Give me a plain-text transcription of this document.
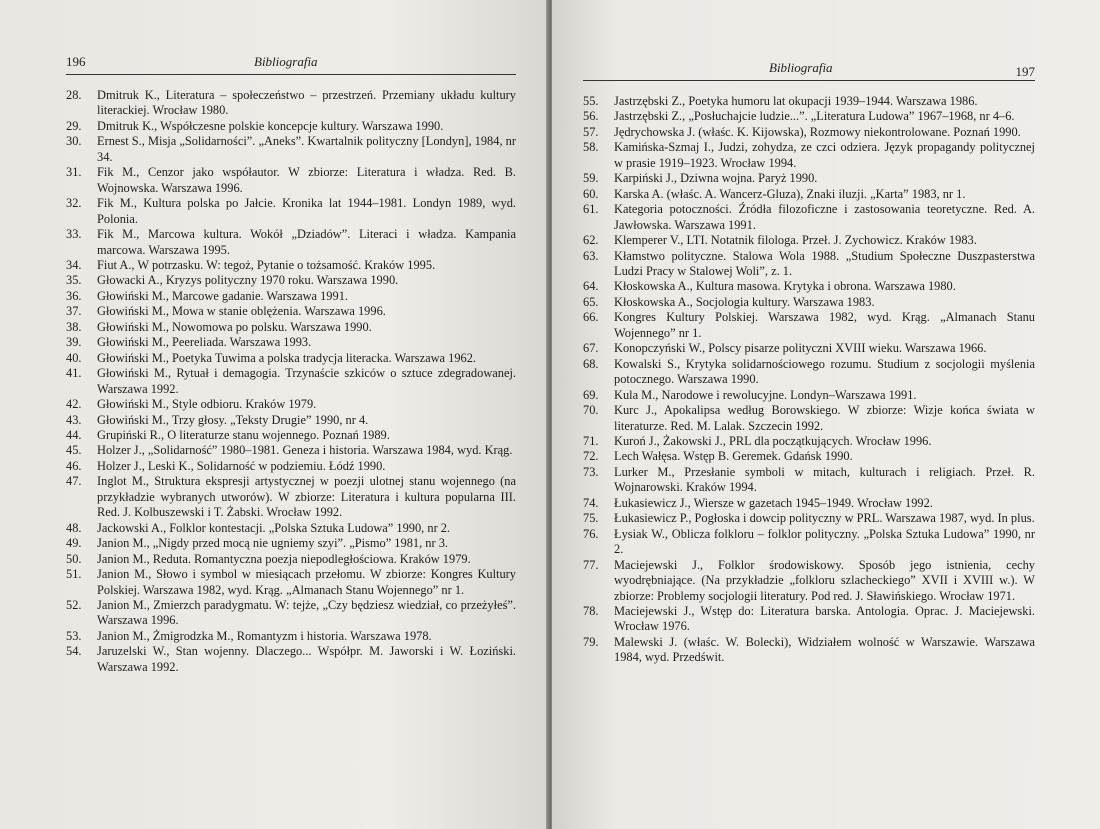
196	Bibliografia
28. Dmitruk K., Literatura – społeczeństwo – przestrzeń. Przemiany układu kultury literackiej. Wrocław 1980.
29. Dmitruk K., Współczesne polskie koncepcje kultury. Warszawa 1990.
30. Ernest S., Misja „Solidarności”. „Aneks”. Kwartalnik polityczny [Londyn], 1984, nr 34.
31. Fik M., Cenzor jako współautor. W zbiorze: Literatura i władza. Red. B. Wojnowska. Warszawa 1996.
32. Fik M., Kultura polska po Jałcie. Kronika lat 1944–1981. Londyn 1989, wyd. Polonia.
33. Fik M., Marcowa kultura. Wokół „Dziadów”. Literaci i władza. Kampania marcowa. Warszawa 1995.
34. Fiut A., W potrzasku. W: tegoż, Pytanie o tożsamość. Kraków 1995.
35. Głowacki A., Kryzys polityczny 1970 roku. Warszawa 1990.
36. Głowiński M., Marcowe gadanie. Warszawa 1991.
37. Głowiński M., Mowa w stanie oblężenia. Warszawa 1996.
38. Głowiński M., Nowomowa po polsku. Warszawa 1990.
39. Głowiński M., Peereliada. Warszawa 1993.
40. Głowiński M., Poetyka Tuwima a polska tradycja literacka. Warszawa 1962.
41. Głowiński M., Rytuał i demagogia. Trzynaście szkiców o sztuce zdegradowanej. Warszawa 1992.
42. Głowiński M., Style odbioru. Kraków 1979.
43. Głowiński M., Trzy głosy. „Teksty Drugie” 1990, nr 4.
44. Grupiński R., O literaturze stanu wojennego. Poznań 1989.
45. Holzer J., „Solidarność” 1980–1981. Geneza i historia. Warszawa 1984, wyd. Krąg.
46. Holzer J., Leski K., Solidarność w podziemiu. Łódź 1990.
47. Inglot M., Struktura ekspresji artystycznej w poezji ulotnej stanu wojennego (na przykładzie wybranych utworów). W zbiorze: Literatura i kultura popularna III. Red. J. Kolbuszewski i T. Żabski. Wrocław 1992.
48. Jackowski A., Folklor kontestacji. „Polska Sztuka Ludowa” 1990, nr 2.
49. Janion M., „Nigdy przed mocą nie ugniemy szyi”. „Pismo” 1981, nr 3.
50. Janion M., Reduta. Romantyczna poezja niepodległościowa. Kraków 1979.
51. Janion M., Słowo i symbol w miesiącach przełomu. W zbiorze: Kongres Kultury Polskiej. Warszawa 1982, wyd. Krąg. „Almanach Stanu Wojennego” nr 1.
52. Janion M., Zmierzch paradygmatu. W: tejże, „Czy będziesz wiedział, co przeżyłeś”. Warszawa 1996.
53. Janion M., Żmigrodzka M., Romantyzm i historia. Warszawa 1978.
54. Jaruzelski W., Stan wojenny. Dlaczego... Współpr. M. Jaworski i W. Łoziński. Warszawa 1992.
Bibliografia	197
55. Jastrzębski Z., Poetyka humoru lat okupacji 1939–1944. Warszawa 1986.
56. Jastrzębski Z., „Posłuchajcie ludzie...”. „Literatura Ludowa” 1967–1968, nr 4–6.
57. Jędrychowska J. (właśc. K. Kijowska), Rozmowy niekontrolowane. Poznań 1990.
58. Kamińska-Szmaj I., Judzi, zohydza, ze czci odziera. Język propagandy politycznej w prasie 1919–1923. Wrocław 1994.
59. Karpiński J., Dziwna wojna. Paryż 1990.
60. Karska A. (właśc. A. Wancerz-Gluza), Znaki iluzji. „Karta” 1983, nr 1.
61. Kategoria potoczności. Źródła filozoficzne i zastosowania teoretyczne. Red. A. Jawłowska. Warszawa 1991.
62. Klemperer V., LTI. Notatnik filologa. Przeł. J. Zychowicz. Kraków 1983.
63. Kłamstwo polityczne. Stalowa Wola 1988. „Studium Społeczne Duszpasterstwa Ludzi Pracy w Stalowej Woli”, z. 1.
64. Kłoskowska A., Kultura masowa. Krytyka i obrona. Warszawa 1980.
65. Kłoskowska A., Socjologia kultury. Warszawa 1983.
66. Kongres Kultury Polskiej. Warszawa 1982, wyd. Krąg. „Almanach Stanu Wojennego” nr 1.
67. Konopczyński W., Polscy pisarze polityczni XVIII wieku. Warszawa 1966.
68. Kowalski S., Krytyka solidarnościowego rozumu. Studium z socjologii myślenia potocznego. Warszawa 1990.
69. Kula M., Narodowe i rewolucyjne. Londyn–Warszawa 1991.
70. Kurc J., Apokalipsa według Borowskiego. W zbiorze: Wizje końca świata w literaturze. Red. M. Lalak. Szczecin 1992.
71. Kuroń J., Żakowski J., PRL dla początkujących. Wrocław 1996.
72. Lech Wałęsa. Wstęp B. Geremek. Gdańsk 1990.
73. Lurker M., Przesłanie symboli w mitach, kulturach i religiach. Przeł. R. Wojnarowski. Kraków 1994.
74. Łukasiewicz J., Wiersze w gazetach 1945–1949. Wrocław 1992.
75. Łukasiewicz P., Pogłoska i dowcip polityczny w PRL. Warszawa 1987, wyd. In plus.
76. Łysiak W., Oblicza folkloru – folklor polityczny. „Polska Sztuka Ludowa” 1990, nr 2.
77. Maciejewski J., Folklor środowiskowy. Sposób jego istnienia, cechy wyodrębniające. (Na przykładzie „folkloru szlacheckiego” XVII i XVIII w.). W zbiorze: Problemy socjologii literatury. Pod red. J. Sławińskiego. Wrocław 1971.
78. Maciejewski J., Wstęp do: Literatura barska. Antologia. Oprac. J. Maciejewski. Wrocław 1976.
79. Malewski J. (właśc. W. Bolecki), Widziałem wolność w Warszawie. Warszawa 1984, wyd. Przedświt.
